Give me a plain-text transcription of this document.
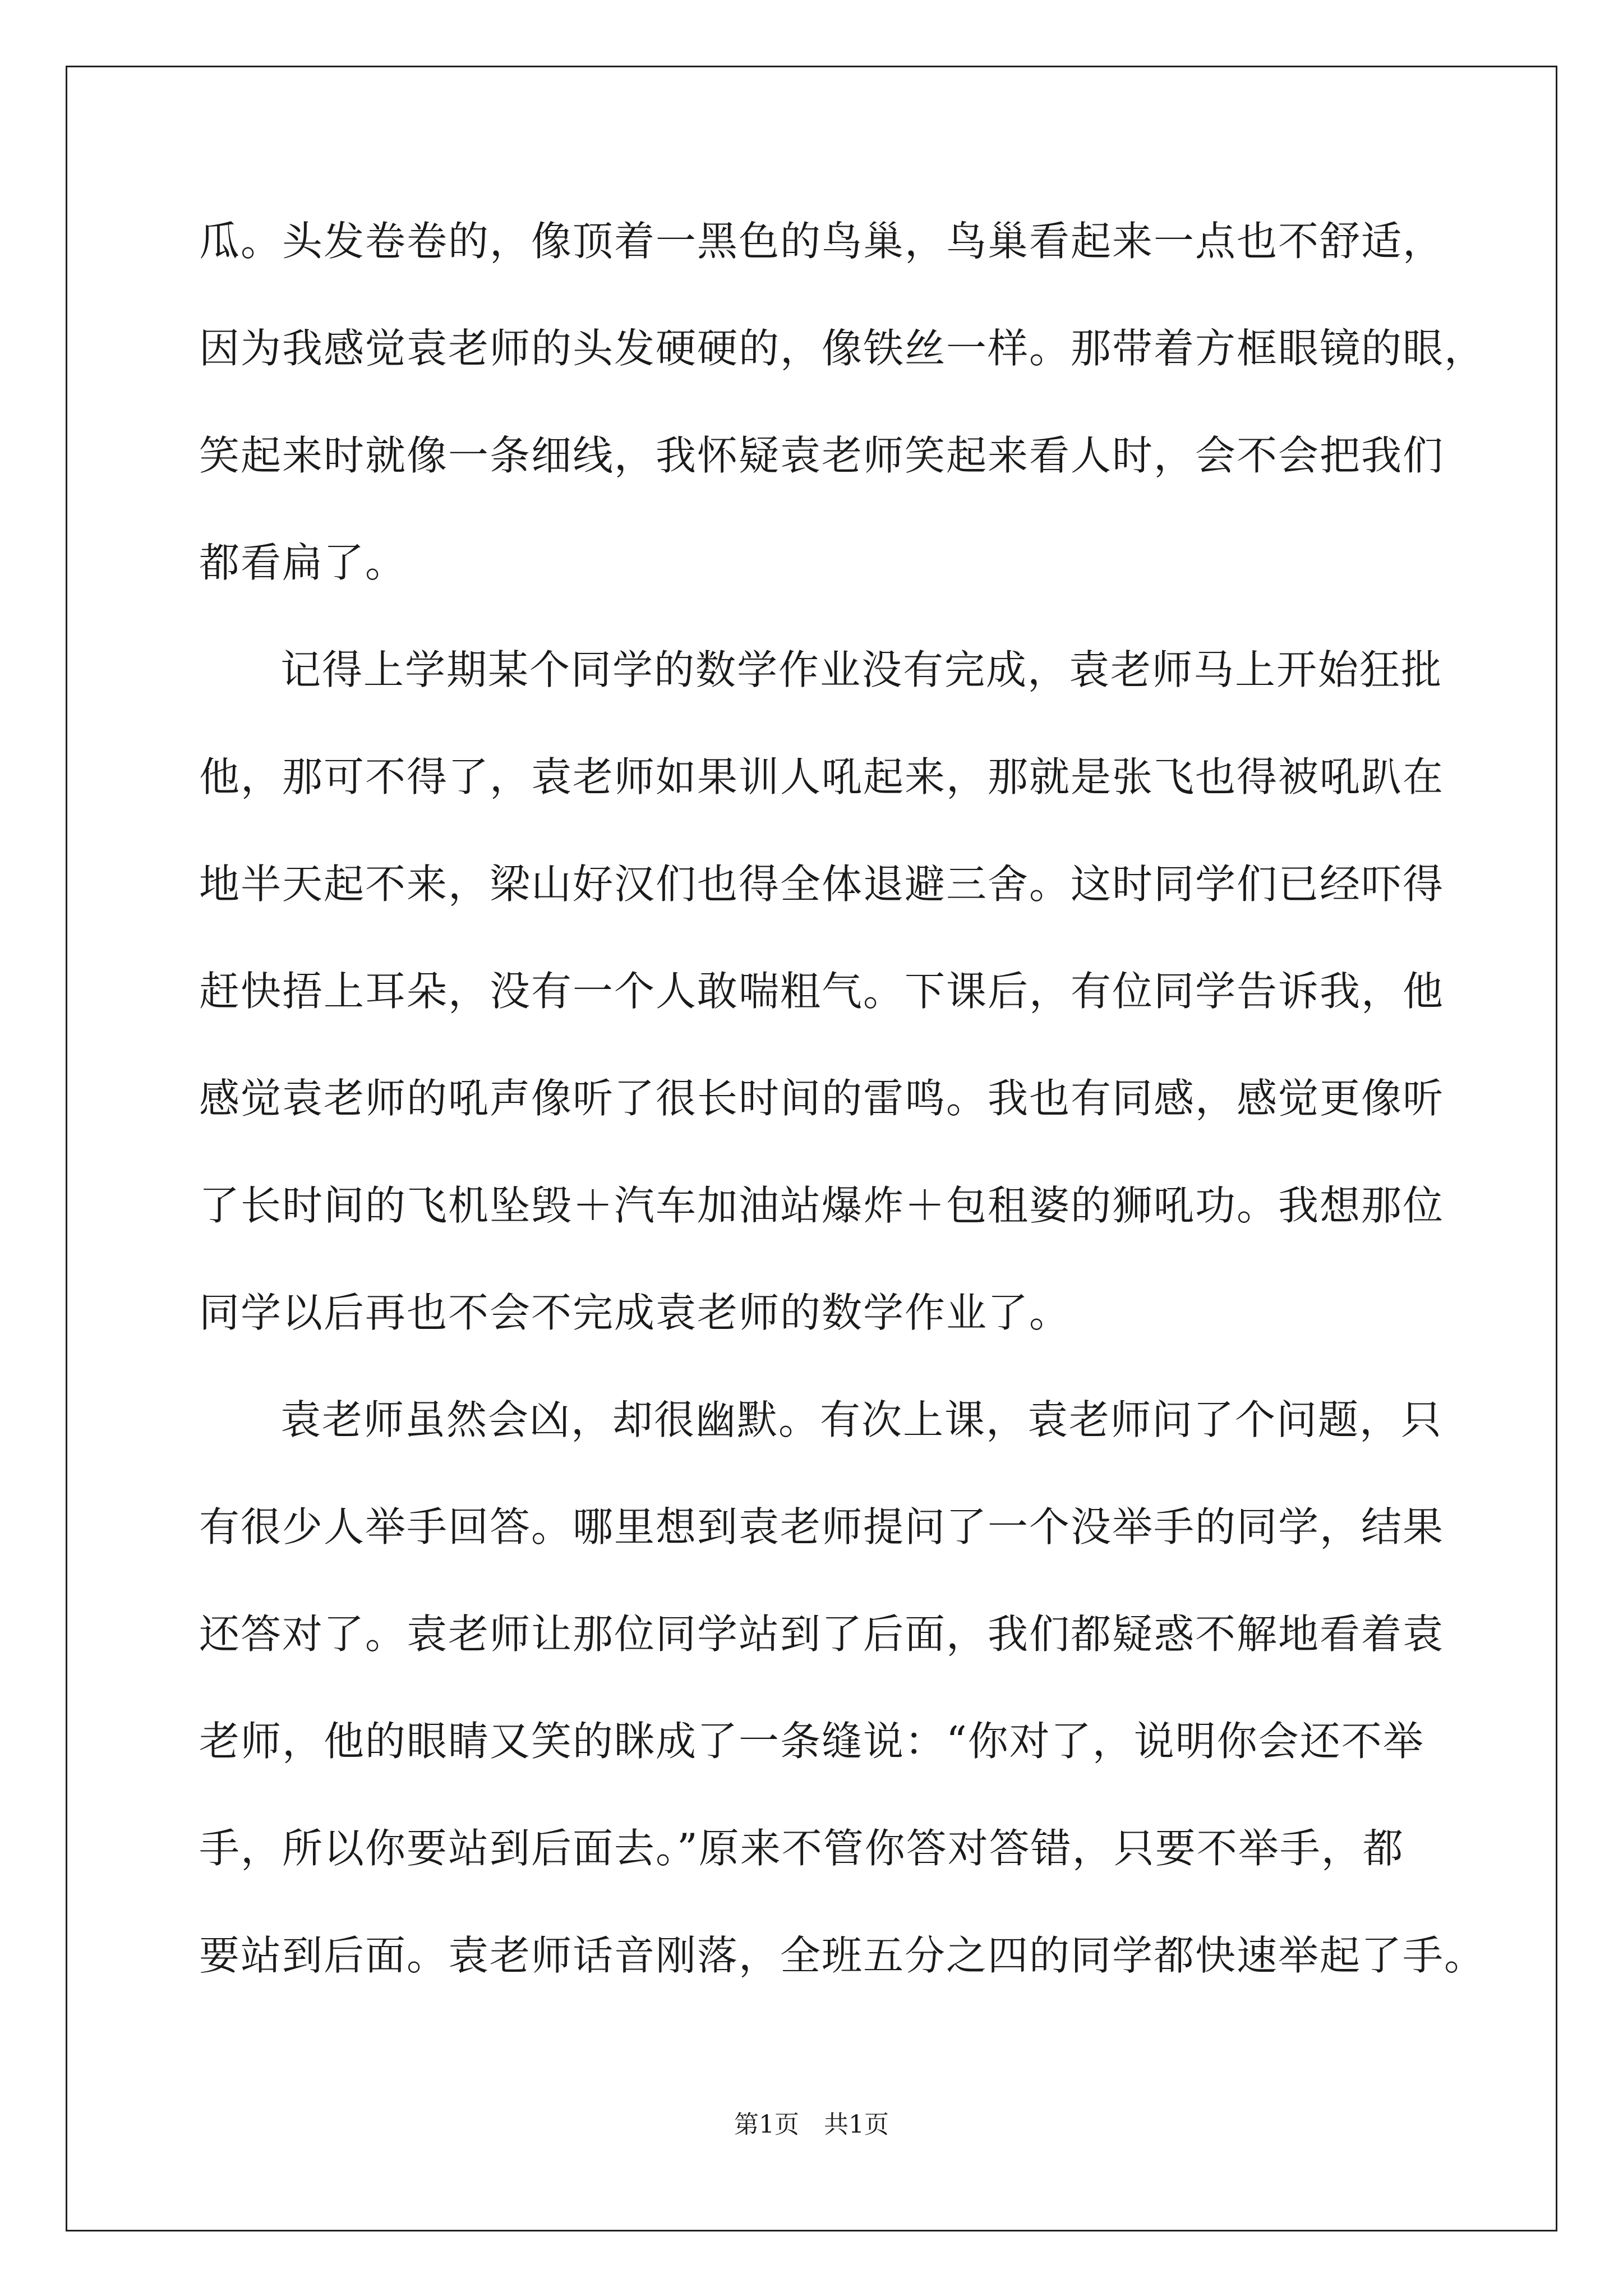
瓜。头发卷卷的，像顶着一黑色的鸟巢，鸟巢看起来一点也不舒适，

因为我感觉袁老师的头发硬硬的，像铁丝一样。那带着方框眼镜的眼，

笑起来时就像一条细线，我怀疑袁老师笑起来看人时，会不会把我们

都看扁了。

记得上学期某个同学的数学作业没有完成，袁老师马上开始狂批

他，那可不得了，袁老师如果训人吼起来，那就是张飞也得被吼趴在

地半天起不来，梁山好汉们也得全体退避三舍。这时同学们已经吓得

赶快捂上耳朵，没有一个人敢喘粗气。下课后，有位同学告诉我，他

感觉袁老师的吼声像听了很长时间的雷鸣。我也有同感，感觉更像听

了长时间的飞机坠毁＋汽车加油站爆炸＋包租婆的狮吼功。我想那位

同学以后再也不会不完成袁老师的数学作业了。

袁老师虽然会凶，却很幽默。有次上课，袁老师问了个问题，只

有很少人举手回答。哪里想到袁老师提问了一个没举手的同学，结果

还答对了。袁老师让那位同学站到了后面，我们都疑惑不解地看着袁

老师，他的眼睛又笑的眯成了一条缝说：“你对了，说明你会还不举

手，所以你要站到后面去。”原来不管你答对答错，只要不举手，都

要站到后面。袁老师话音刚落，全班五分之四的同学都快速举起了手。

第1页　共1页
